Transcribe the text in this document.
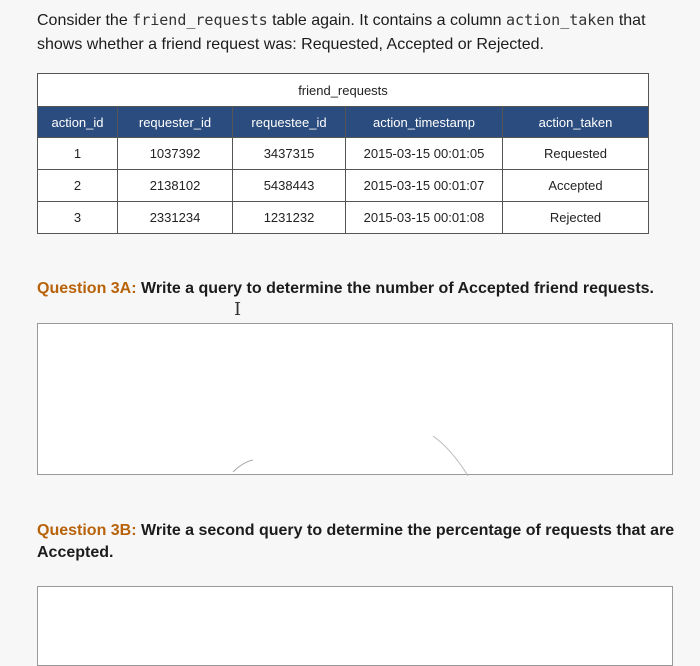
Consider the friend_requests table again. It contains a column action_taken that shows whether a friend request was: Requested, Accepted or Rejected.
friend_requests				
action_id	requester_id	requestee_id	action_timestamp	action_taken
1	1037392	3437315	2015-03-15 00:01:05	Requested
2	2138102	5438443	2015-03-15 00:01:07	Accepted
3	2331234	1231232	2015-03-15 00:01:08	Rejected
Question 3A: Write a query to determine the number of Accepted friend requests.
I
Question 3B: Write a second query to determine the percentage of requests that are Accepted.
